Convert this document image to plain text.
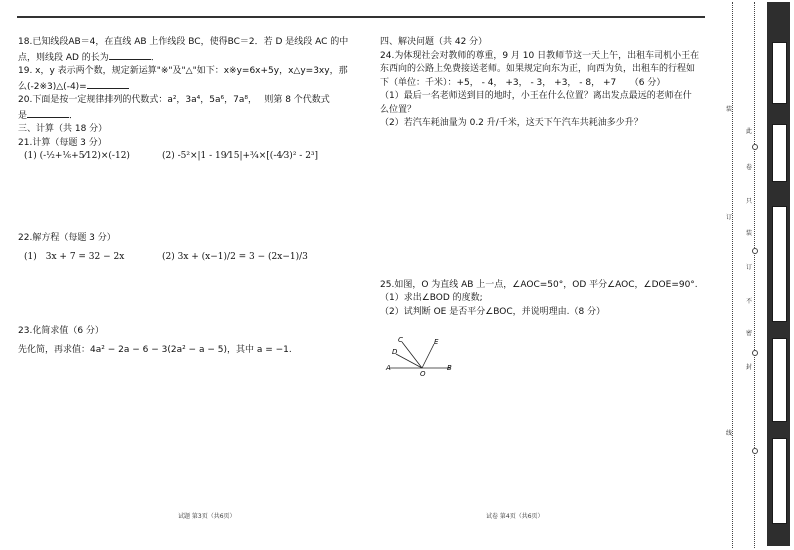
18.已知线段AB＝4，在直线 AB 上作线段 BC，使得BC＝2．若 D 是线段 AC 的中
点，则线段 AD 的长为	．
19. x，y 表示两个数，规定新运算"※"及"△"如下：x※y=6x+5y，x△y=3xy，那
么(-2※3)△(-4)=
20.下面是按一定规律排列的代数式：a²，3a⁴，5a⁶，7a⁸，　 则第 8 个代数式
是	．
三、计算（共 18 分）
21.计算（每题 3 分）
(1) (-½+⅙+5⁄12)×(-12)	(2) -5²×|1 - 19⁄15|+¾×[(-4⁄3)² - 2³]
22.解方程（每题 3 分）
(1)　3x + 7 = 32 − 2x	(2) 3x + (x−1)/2 = 3 − (2x−1)/3
23.化简求值（6 分）
先化简，再求值：4a² − 2a − 6 − 3(2a² − a − 5)，其中 a = −1.
四、解决问题（共 42 分）
24.为体现社会对教师的尊重，9 月 10 日教师节这一天上午，出租车司机小王在
东西向的公路上免费接送老师。如果规定向东为正，向西为负，出租车的行程如
下（单位：千米）：+5， - 4， +3， - 3， +3， - 8， +7　　（6 分）
（1）最后一名老师送到目的地时，小王在什么位置？离出发点最远的老师在什
么位置？
（2）若汽车耗油量为 0.2 升/千米，这天下午汽车共耗油多少升？
25.如图，O 为直线 AB 上一点，∠AOC=50°，OD 平分∠AOC，∠DOE=90°.
（1）求出∠BOD 的度数;
（2）试判断 OE 是否平分∠BOC，并说明理由.（8 分）
A	B
C
D
E
O
试题 第3页（共6页）	试卷 第4页（共6页）
此
卷
只
装
订
不
密
封
装
订
线
